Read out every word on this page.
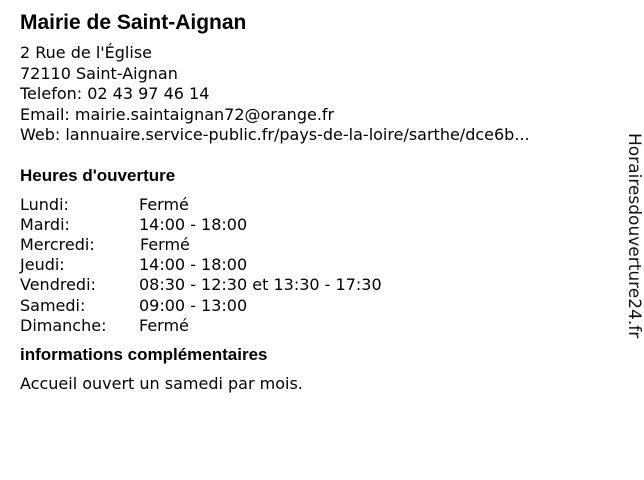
Mairie de Saint-Aignan
2 Rue de l'Église
72110 Saint-Aignan
Telefon: 02 43 97 46 14
Email: mairie.saintaignan72@orange.fr
Web: lannuaire.service-public.fr/pays-de-la-loire/sarthe/dce6b...
Heures d'ouverture
Lundi:	Fermé
Mardi:	14:00 - 18:00
Mercredi:	Fermé
Jeudi:	14:00 - 18:00
Vendredi:	08:30 - 12:30 et 13:30 - 17:30
Samedi:	09:00 - 13:00
Dimanche: Fermé
informations complémentaires
Accueil ouvert un samedi par mois.
Horairesdouverture24.fr
